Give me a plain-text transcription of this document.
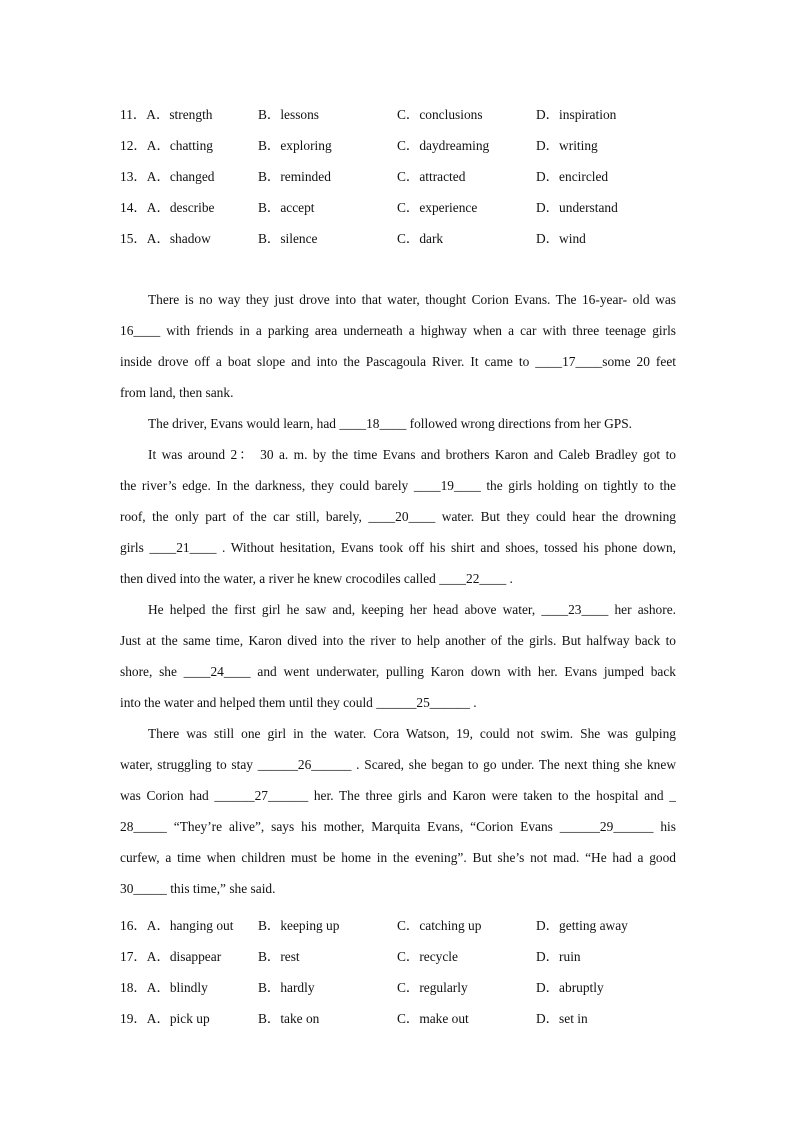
11．A．strength	B．lessons	C．conclusions	D．inspiration
12．A．chatting	B．exploring	C．daydreaming	D．writing
13．A．changed	B．reminded	C．attracted	D．encircled
14．A．describe	B．accept	C．experience	D．understand
15．A．shadow	B．silence	C．dark	D．wind
There is no way they just drove into that water, thought Corion Evans. The 16-year- old was
16____ with friends in a parking area underneath a highway when a car with three teenage girls
inside drove off a boat slope and into the Pascagoula River. It came to ____17____some 20 feet
from land, then sank.
The driver, Evans would learn, had ____18____ followed wrong directions from her GPS.
It was around 2： 30 a. m. by the time Evans and brothers Karon and Caleb Bradley got to
the river’s edge. In the darkness, they could barely ____19____ the girls holding on tightly to the
roof, the only part of the car still, barely, ____20____ water. But they could hear the drowning
girls ____21____ . Without hesitation, Evans took off his shirt and shoes, tossed his phone down,
then dived into the water, a river he knew crocodiles called ____22____ .
He helped the first girl he saw and, keeping her head above water, ____23____ her ashore.
Just at the same time, Karon dived into the river to help another of the girls. But halfway back to
shore, she ____24____ and went underwater, pulling Karon down with her. Evans jumped back
into the water and helped them until they could ______25______ .
There was still one girl in the water. Cora Watson, 19, could not swim. She was gulping
water, struggling to stay ______26______ . Scared, she began to go under. The next thing she knew
was Corion had ______27______ her. The three girls and Karon were taken to the hospital and _
28_____ “They’re alive”, says his mother, Marquita Evans, “Corion Evans ______29______ his
curfew, a time when children must be home in the evening”. But she’s not mad. “He had a good
30_____ this time,” she said.
16．A．hanging out B．keeping up	C．catching up	D．getting away
17．A．disappear	B．rest	C．recycle	D．ruin
18．A．blindly	B．hardly	C．regularly	D．abruptly
19．A．pick up	B．take on	C．make out	D．set in
